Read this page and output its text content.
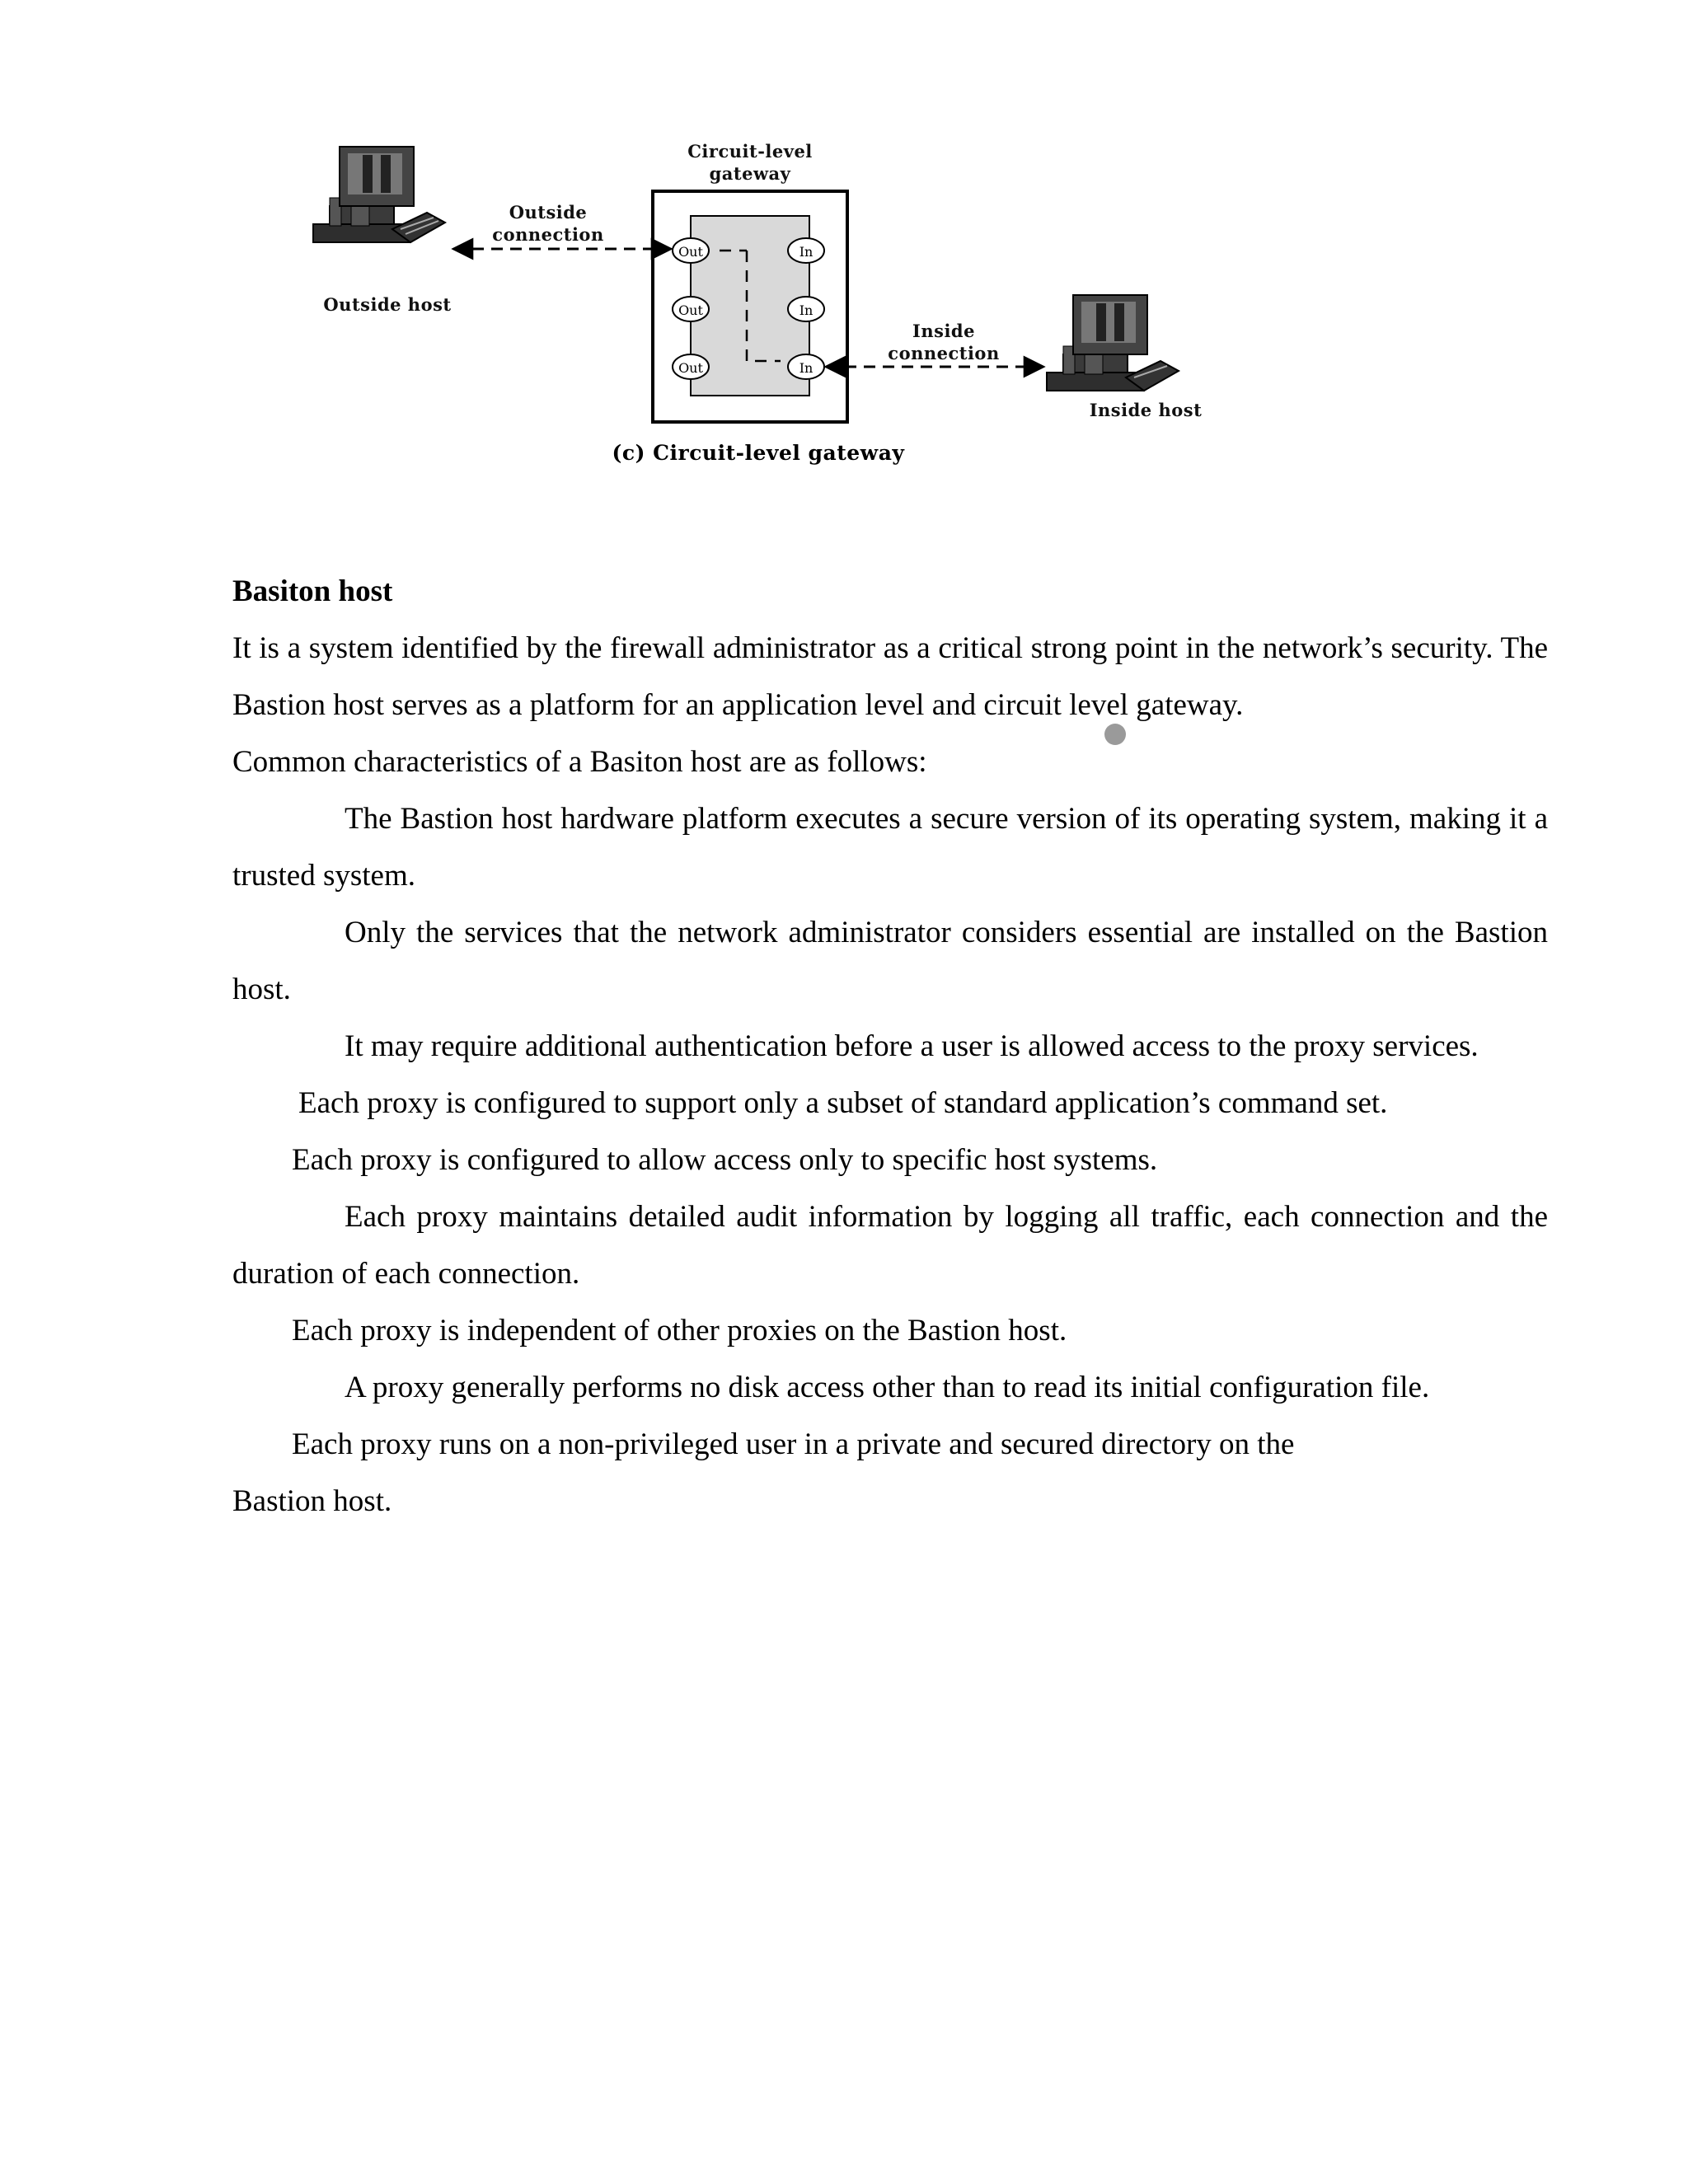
Out
Out
Out
In
In
In
Circuit-level gateway
Outside connection
Outside host
Inside connection
Inside host
(c) Circuit-level gateway

Basiton host

It is a system identified by the firewall administrator as a critical strong point in the network’s security. The Bastion host serves as a platform for an application level and circuit level gateway.

Common characteristics of a Basiton host are as follows:

The Bastion host hardware platform executes a secure version of its operating system, making it a trusted system.

Only the services that the network administrator considers essential are installed on the Bastion host.

It may require additional authentication before a user is allowed access to the proxy services.

Each proxy is configured to support only a subset of standard application’s command set.

Each proxy is configured to allow access only to specific host systems.

Each proxy maintains detailed audit information by logging all traffic, each connection and the duration of each connection.

Each proxy is independent of other proxies on the Bastion host.

A proxy generally performs no disk access other than to read its initial configuration file.

Each proxy runs on a non-privileged user in a private and secured directory on the

Bastion host.
